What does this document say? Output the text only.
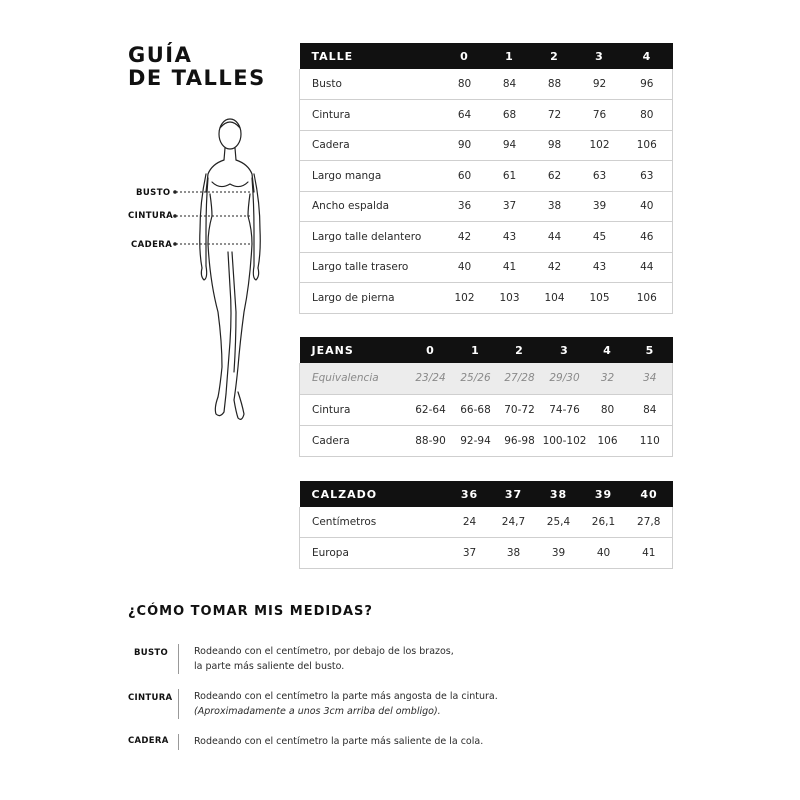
GUÍA
DE TALLES
BUSTO
CINTURA
CADERA
TALLE	0	1	2	3	4
Busto	80	84	88	92	96
Cintura	64	68	72	76	80
Cadera	90	94	98	102	106
Largo manga	60	61	62	63	63
Ancho espalda	36	37	38	39	40
Largo talle delantero	42	43	44	45	46
Largo talle trasero	40	41	42	43	44
Largo de pierna	102	103	104	105	106
JEANS	0	1	2	3	4	5
Equivalencia	23/24	25/26	27/28	29/30	32	34
Cintura	62-64	66-68	70-72	74-76	80	84
Cadera	88-90	92-94	96-98	100-102	106	110
CALZADO	36	37	38	39	40
Centímetros	24	24,7	25,4	26,1	27,8
Europa	37	38	39	40	41
¿CÓMO TOMAR MIS MEDIDAS?
BUSTO	Rodeando con el centímetro, por debajo de los brazos,
la parte más saliente del busto.
CINTURA Rodeando con el centímetro la parte más angosta de la cintura.
(Aproximadamente a unos 3cm arriba del ombligo).
CADERA	Rodeando con el centímetro la parte más saliente de la cola.
